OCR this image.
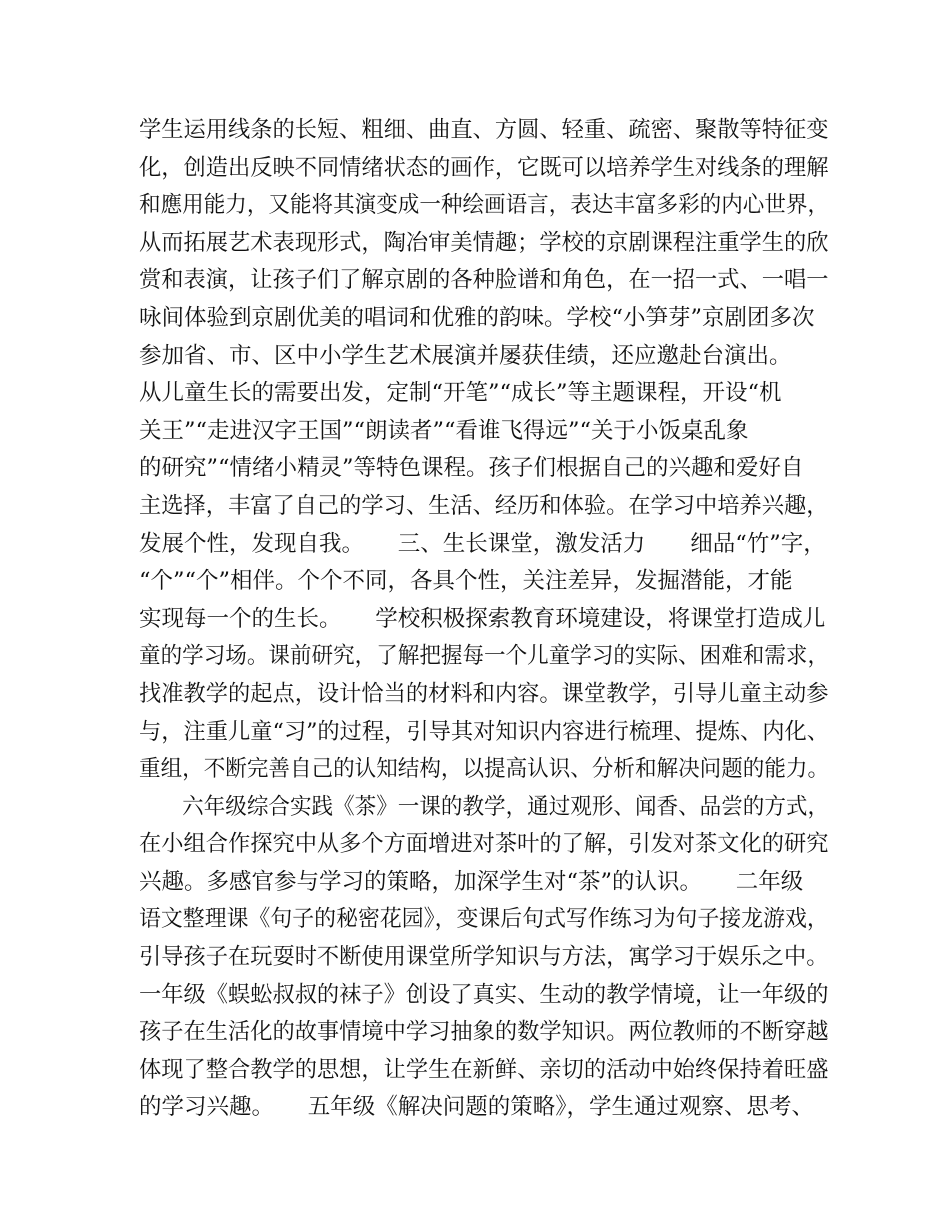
学生运用线条的长短、粗细、曲直、方圆、轻重、疏密、聚散等特征变
化，创造出反映不同情绪状态的画作，它既可以培养学生对线条的理解
和應用能力，又能将其演变成一种绘画语言，表达丰富多彩的内心世界，
从而拓展艺术表现形式，陶冶审美情趣；学校的京剧课程注重学生的欣
赏和表演，让孩子们了解京剧的各种脸谱和角色，在一招一式、一唱一
咏间体验到京剧优美的唱词和优雅的韵味。学校“小笋芽”京剧团多次
参加省、市、区中小学生艺术展演并屡获佳绩，还应邀赴台演出。
从儿童生长的需要出发，定制“开笔”“成长”等主题课程，开设“机
关王”“走进汉字王国”“朗读者”“看谁飞得远”“关于小饭桌乱象
的研究”“情绪小精灵”等特色课程。孩子们根据自己的兴趣和爱好自
主选择，丰富了自己的学习、生活、经历和体验。在学习中培养兴趣，
发展个性，发现自我。　　三、生长课堂，激发活力　　细品“竹”字，
“个”“个”相伴。个个不同，各具个性，关注差异，发掘潜能，才能
实现每一个的生长。　　学校积极探索教育环境建设，将课堂打造成儿
童的学习场。课前研究，了解把握每一个儿童学习的实际、困难和需求，
找准教学的起点，设计恰当的材料和内容。课堂教学，引导儿童主动参
与，注重儿童“习”的过程，引导其对知识内容进行梳理、提炼、内化、
重组，不断完善自己的认知结构，以提高认识、分析和解决问题的能力。
　　六年级综合实践《茶》一课的教学，通过观形、闻香、品尝的方式，
在小组合作探究中从多个方面增进对茶叶的了解，引发对茶文化的研究
兴趣。多感官参与学习的策略，加深学生对“茶”的认识。　　二年级
语文整理课《句子的秘密花园》，变课后句式写作练习为句子接龙游戏，
引导孩子在玩耍时不断使用课堂所学知识与方法，寓学习于娱乐之中。
一年级《蜈蚣叔叔的袜子》创设了真实、生动的教学情境，让一年级的
孩子在生活化的故事情境中学习抽象的数学知识。两位教师的不断穿越
体现了整合教学的思想，让学生在新鲜、亲切的活动中始终保持着旺盛
的学习兴趣。　　五年级《解决问题的策略》，学生通过观察、思考、
